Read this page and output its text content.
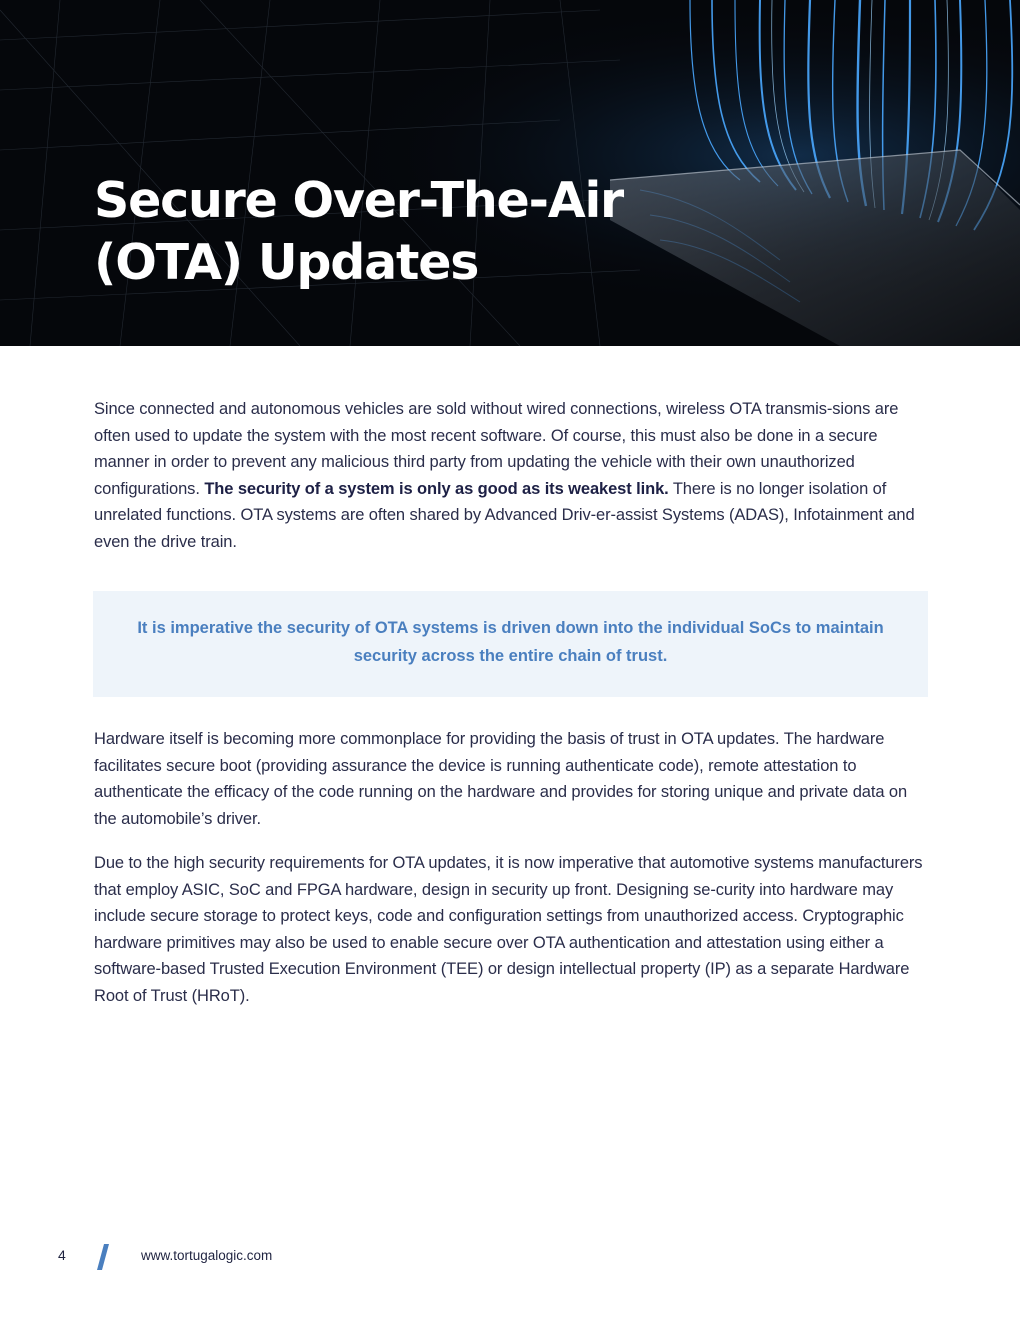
Secure Over-The-Air
(OTA) Updates

Since connected and autonomous vehicles are sold without wired connections, wireless OTA transmis-sions are often used to update the system with the most recent software. Of course, this must also be done in a secure manner in order to prevent any malicious third party from updating the vehicle with their own unauthorized configurations. The security of a system is only as good as its weakest link. There is no longer isolation of unrelated functions. OTA systems are often shared by Advanced Driv-er-assist Systems (ADAS), Infotainment and even the drive train.

It is imperative the security of OTA systems is driven down into the individual SoCs to maintain security across the entire chain of trust.

Hardware itself is becoming more commonplace for providing the basis of trust in OTA updates. The hardware facilitates secure boot (providing assurance the device is running authenticate code), remote attestation to authenticate the efficacy of the code running on the hardware and provides for storing unique and private data on the automobile’s driver.

Due to the high security requirements for OTA updates, it is now imperative that automotive systems manufacturers that employ ASIC, SoC and FPGA hardware, design in security up front. Designing se-curity into hardware may include secure storage to protect keys, code and configuration settings from unauthorized access. Cryptographic hardware primitives may also be used to enable secure over OTA authentication and attestation using either a software-based Trusted Execution Environment (TEE) or design intellectual property (IP) as a separate Hardware Root of Trust (HRoT).

4	www.tortugalogic.com
